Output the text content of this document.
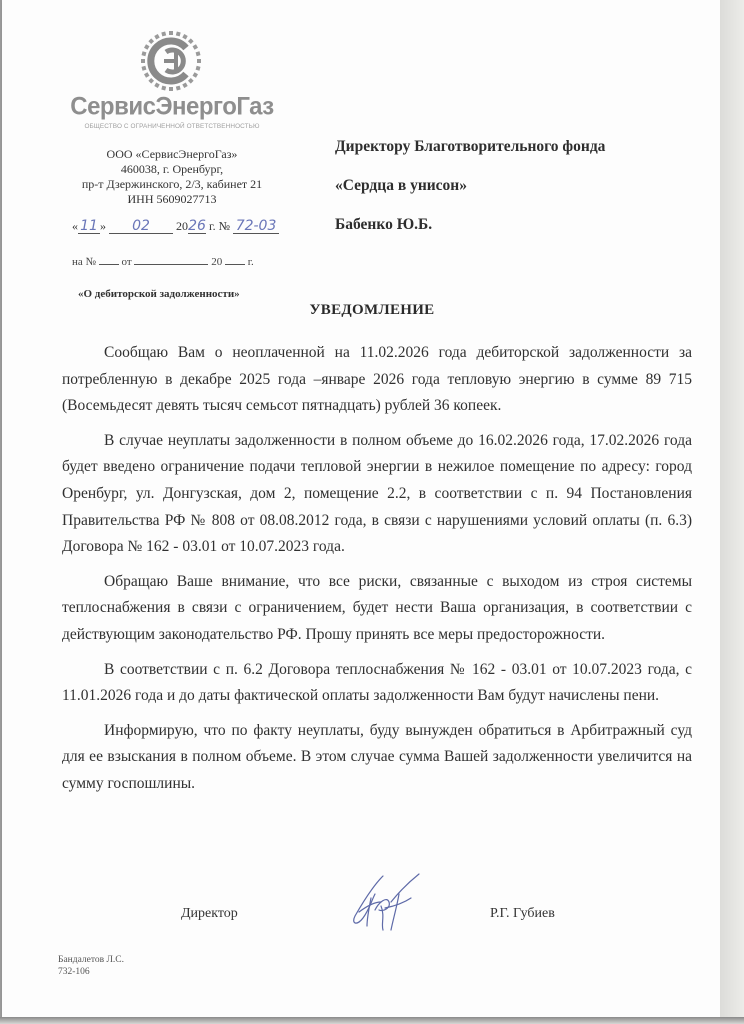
СервисЭнергоГаз
ОБЩЕСТВО С ОГРАНИЧЕННОЙ ОТВЕТСТВЕННОСТЬЮ
ООО «СервисЭнергоГаз»
460038, г. Оренбург,
пр-т Дзержинского, 2/3, кабинет 21
ИНН 5609027713
« 11 » 02 2026 г. № 72-03
на № от	20 г.
«О дебиторской задолженности»
Директору Благотворительного фонда
«Сердца в унисон»
Бабенко Ю.Б.
УВЕДОМЛЕНИЕ

Сообщаю Вам о неоплаченной на 11.02.2026 года дебиторской задолженности за потребленную в декабре 2025 года –январе 2026 года тепловую энергию в сумме 89 715 (Восемьдесят девять тысяч семьсот пятнадцать) рублей 36 копеек.

В случае неуплаты задолженности в полном объеме до 16.02.2026 года, 17.02.2026 года будет введено ограничение подачи тепловой энергии в нежилое помещение по адресу: город Оренбург, ул. Донгузская, дом 2, помещение 2.2, в соответствии с п. 94 Постановления Правительства РФ № 808 от 08.08.2012 года, в связи с нарушениями условий оплаты (п. 6.3) Договора № 162 - 03.01 от 10.07.2023 года.

Обращаю Ваше внимание, что все риски, связанные с выходом из строя системы теплоснабжения в связи с ограничением, будет нести Ваша организация, в соответствии с действующим законодательство РФ. Прошу принять все меры предосторожности.

В соответствии с п. 6.2 Договора теплоснабжения № 162 - 03.01 от 10.07.2023 года, с 11.01.2026 года и до даты фактической оплаты задолженности Вам будут начислены пени.

Информирую, что по факту неуплаты, буду вынужден обратиться в Арбитражный суд для ее взыскания в полном объеме. В этом случае сумма Вашей задолженности увеличится на сумму госпошлины.

Директор	Р.Г. Губиев
Бандалетов Л.С.
732-106
